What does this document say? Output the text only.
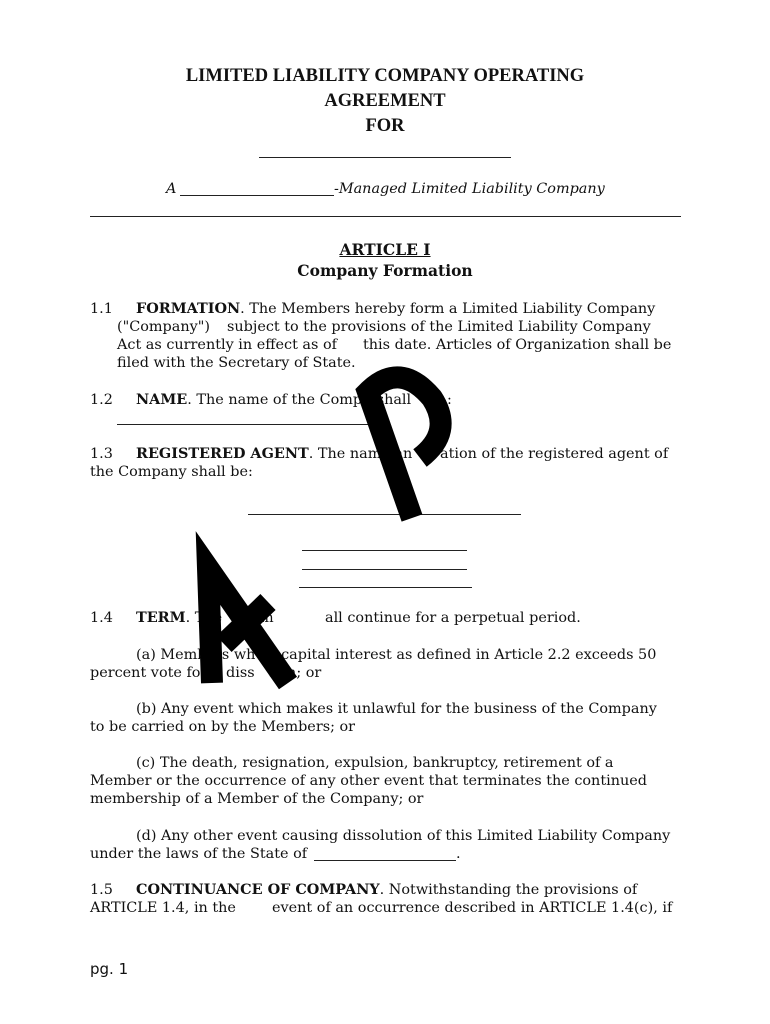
LIMITED LIABILITY COMPANY OPERATING
AGREEMENT
FOR
A	-Managed Limited Liability Company
ARTICLE I
Company Formation
1.1 FORMATION. The Members hereby form a Limited Liability Company
("Company") subject to the provisions of the Limited Liability Company
Act as currently in effect as of this date. Articles of Organization shall be
filed with the Secretary of State.
1.2 NAME. The name of the Comp y shall :
1.3 REGISTERED AGENT. The name an ation of the registered agent of
the Company shall be:
1.4 TERM. The mpan	all continue for a perpetual period.
(a) Members wh e capital interest as defined in Article 2.2 exceeds 50
percent vote for diss tion; or
(b) Any event which makes it unlawful for the business of the Company
to be carried on by the Members; or
(c) The death, resignation, expulsion, bankruptcy, retirement of a
Member or the occurrence of any other event that terminates the continued
membership of a Member of the Company; or
(d) Any other event causing dissolution of this Limited Liability Company
under the laws of the State of	.
1.5 CONTINUANCE OF COMPANY. Notwithstanding the provisions of
ARTICLE 1.4, in the	event of an occurrence described in ARTICLE 1.4(c), if
pg. 1
